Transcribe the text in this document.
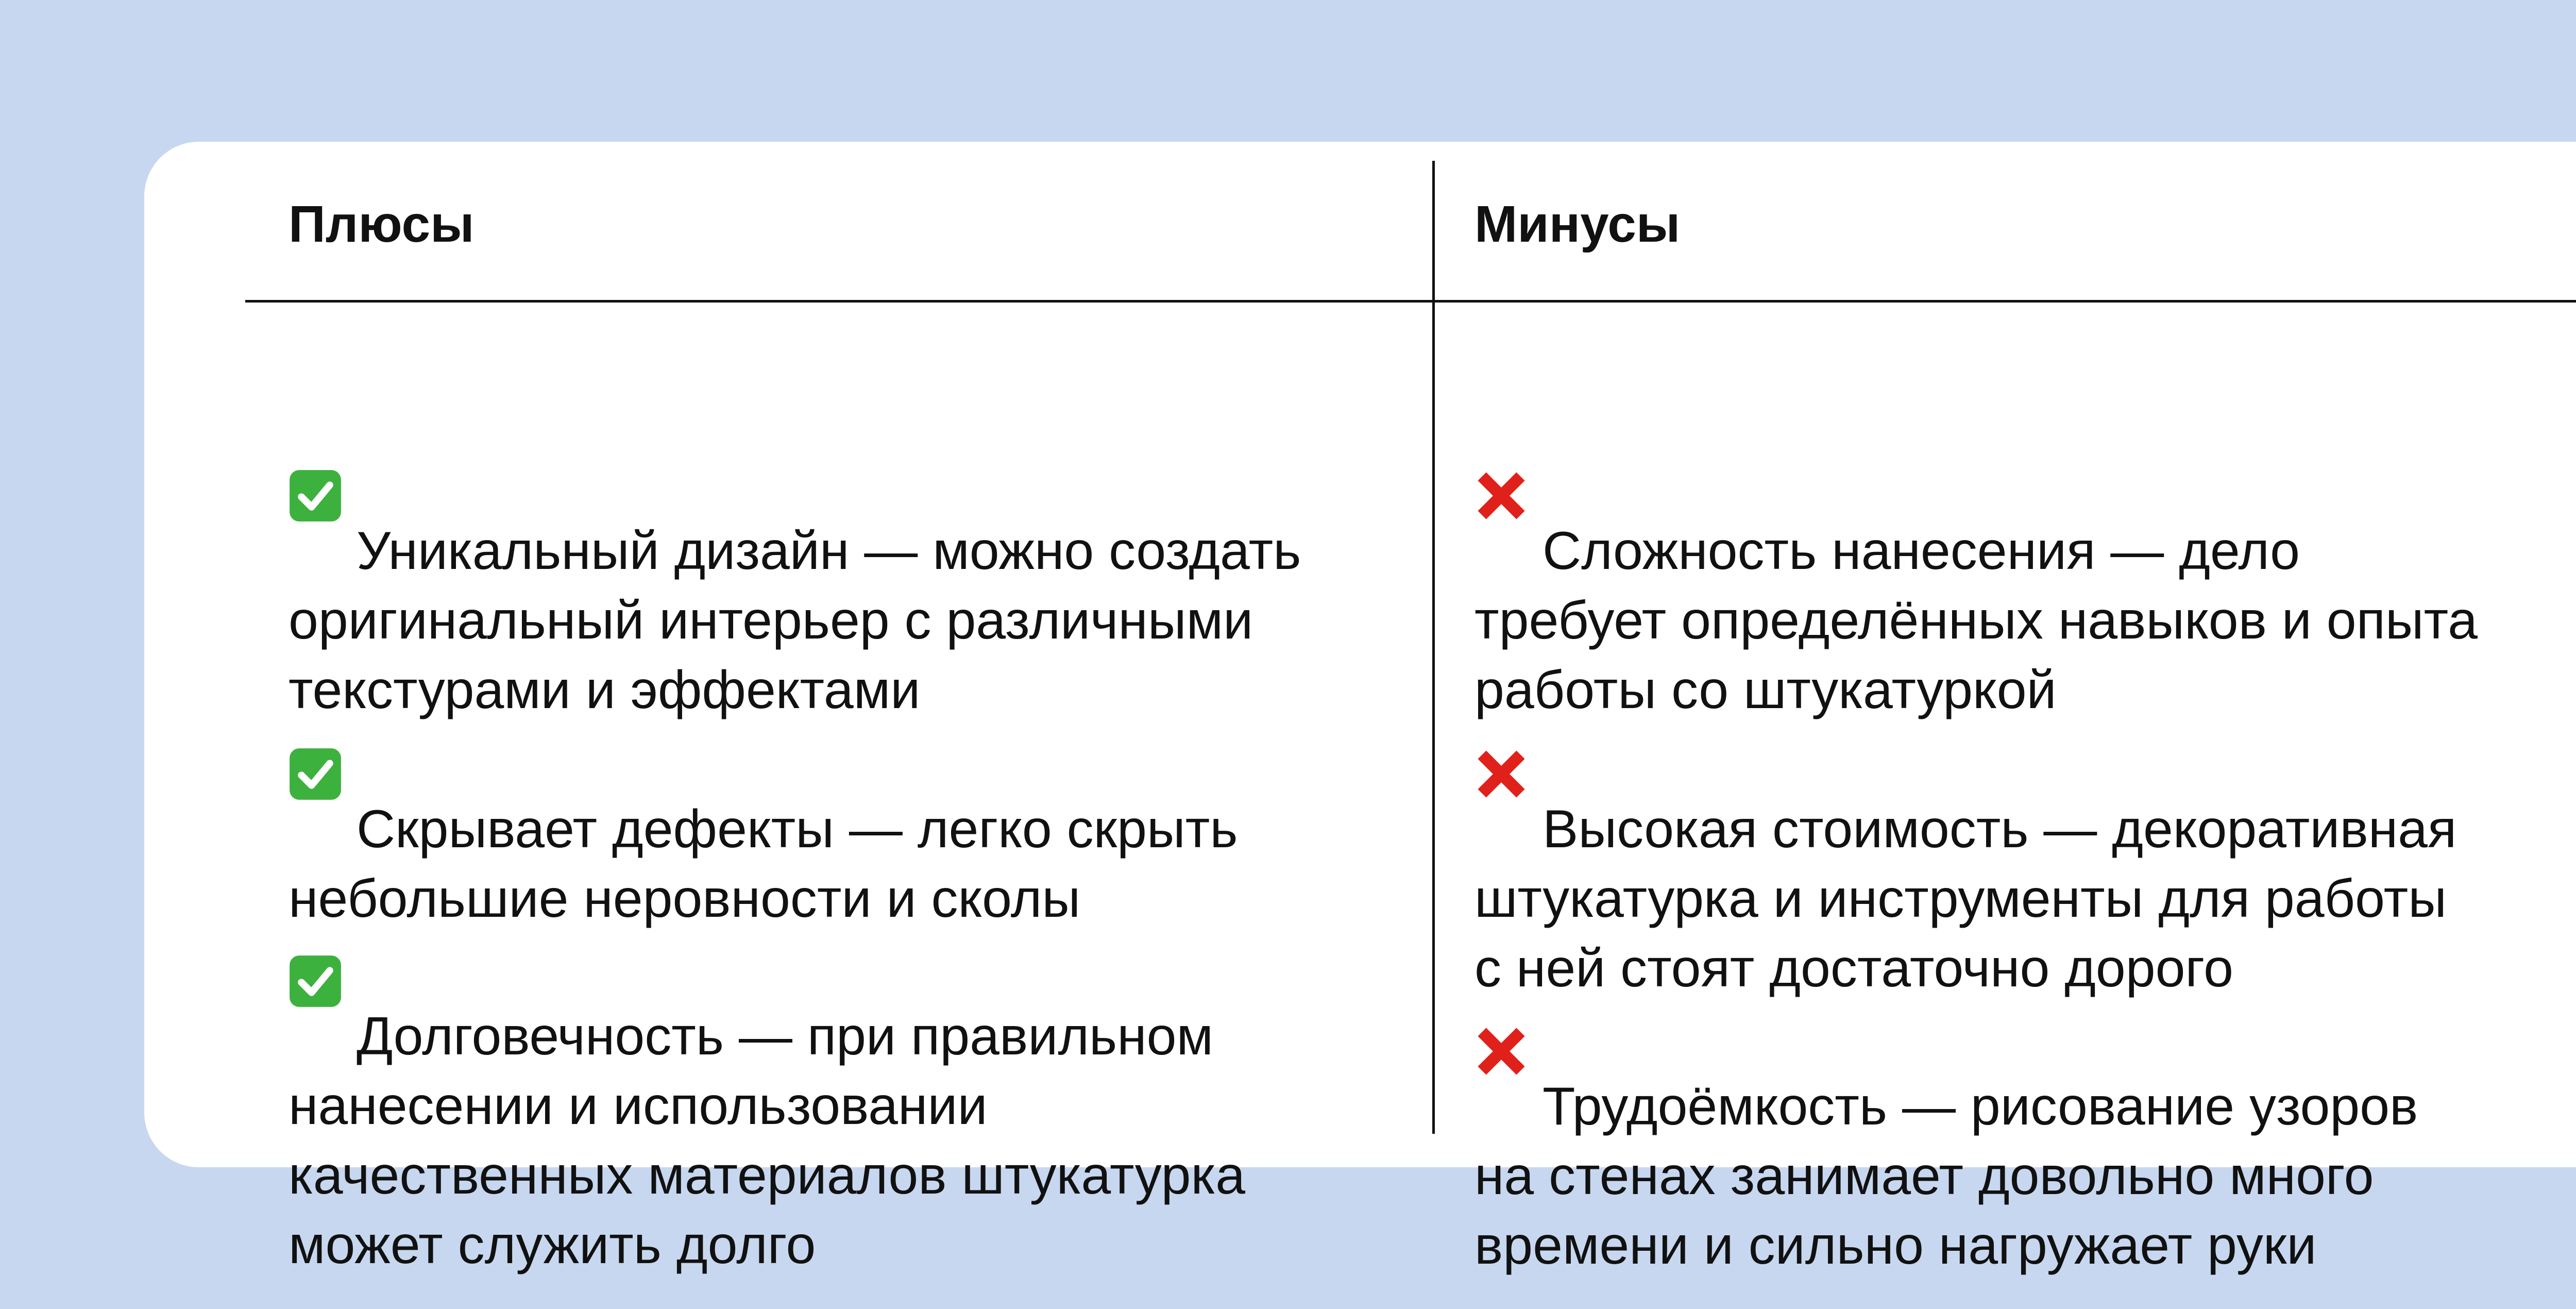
Плюсы

Уникальный дизайн — можно создать
оригинальный интерьер с различными
текстурами и эффектами

Скрывает дефекты — легко скрыть
небольшие неровности и сколы

Долговечность — при правильном
нанесении и использовании
качественных материалов штукатурка
может служить долго

Минусы

Сложность нанесения — дело
требует определённых навыков и опыта
работы со штукатуркой

Высокая стоимость — декоративная
штукатурка и инструменты для работы
с ней стоят достаточно дорого

Трудоёмкость — рисование узоров
на стенах занимает довольно много
времени и сильно нагружает руки
